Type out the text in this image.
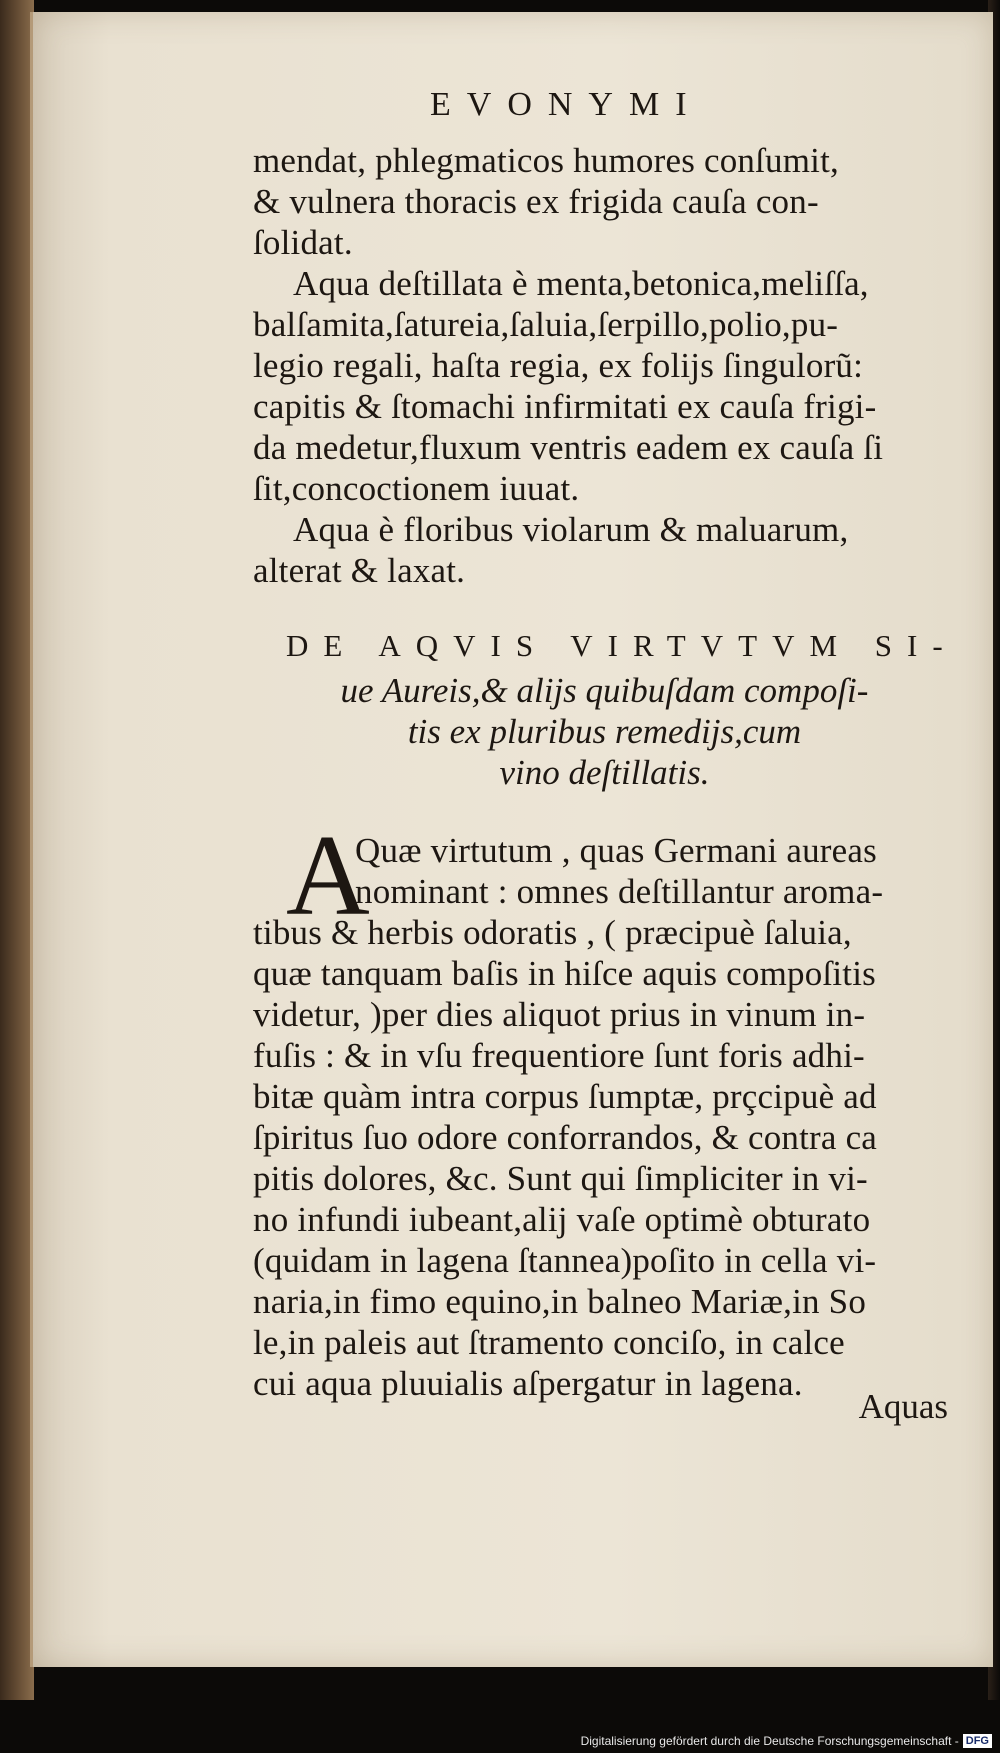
EVONYMI
mendat, phlegmaticos humores conſumit,
& vulnera thoracis ex frigida cauſa con-
ſolidat.
Aqua deſtillata è menta,betonica,meliſſa,
balſamita,ſatureia,ſaluia,ſerpillo,polio,pu-
legio regali, haſta regia, ex folijs ſingulorũ:
capitis & ſtomachi infirmitati ex cauſa frigi-
da medetur,fluxum ventris eadem ex cauſa ſi
ſit,concoctionem iuuat.
Aqua è floribus violarum & maluarum,
alterat & laxat.
DE AQVIS VIRTVTVM SI-
ue Aureis,& alijs quibuſdam compoſi-
tis ex pluribus remedijs,cum
vino deſtillatis.
A
Quæ virtutum , quas Germani aureas
nominant : omnes deſtillantur aroma-
tibus & herbis odoratis , ( præcipuè ſaluia,
quæ tanquam baſis in hiſce aquis compoſitis
videtur, )per dies aliquot prius in vinum in-
fuſis : & in vſu frequentiore ſunt foris adhi-
bitæ quàm intra corpus ſumptæ, prçcipuè ad
ſpiritus ſuo odore conforrandos, & contra ca
pitis dolores, &c. Sunt qui ſimpliciter in vi-
no infundi iubeant,alij vaſe optimè obturato
(quidam in lagena ſtannea)poſito in cella vi-
naria,in fimo equino,in balneo Mariæ,in So
le,in paleis aut ſtramento conciſo, in calce
cui aqua pluuialis aſpergatur in lagena.
Aquas
Digitalisierung gefördert durch die Deutsche Forschungsgemeinschaft - DFG
